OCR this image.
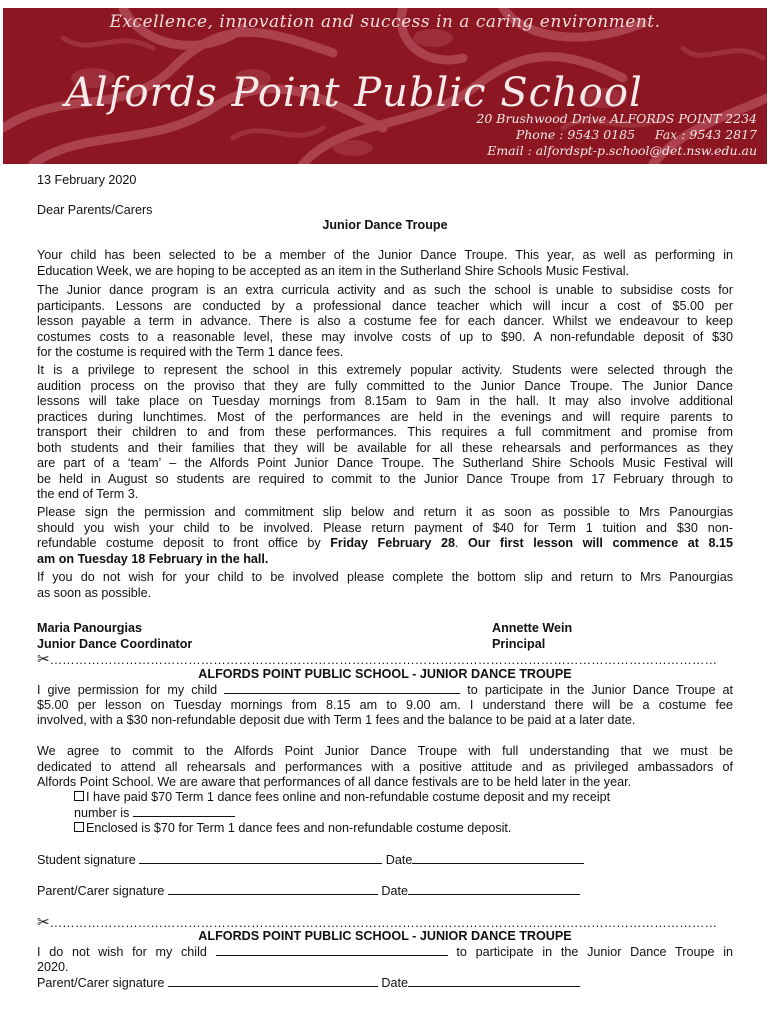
Excellence, innovation and success in a caring environment.
Alfords Point Public School
20 Brushwood Drive ALFORDS POINT 2234
Phone : 9543 0185 Fax : 9543 2817
Email : alfordspt-p.school@det.nsw.edu.au
13 February 2020
Dear Parents/Carers
Junior Dance Troupe
Your child has been selected to be a member of the Junior Dance Troupe. This year, as well as performing in
Education Week, we are hoping to be accepted as an item in the Sutherland Shire Schools Music Festival.
The Junior dance program is an extra curricula activity and as such the school is unable to subsidise costs for
participants. Lessons are conducted by a professional dance teacher which will incur a cost of $5.00 per
lesson payable a term in advance. There is also a costume fee for each dancer. Whilst we endeavour to keep
costumes costs to a reasonable level, these may involve costs of up to $90. A non-refundable deposit of $30
for the costume is required with the Term 1 dance fees.
It is a privilege to represent the school in this extremely popular activity. Students were selected through the
audition process on the proviso that they are fully committed to the Junior Dance Troupe. The Junior Dance
lessons will take place on Tuesday mornings from 8.15am to 9am in the hall. It may also involve additional
practices during lunchtimes. Most of the performances are held in the evenings and will require parents to
transport their children to and from these performances. This requires a full commitment and promise from
both students and their families that they will be available for all these rehearsals and performances as they
are part of a ‘team’ – the Alfords Point Junior Dance Troupe. The Sutherland Shire Schools Music Festival will
be held in August so students are required to commit to the Junior Dance Troupe from 17 February through to
the end of Term 3.
Please sign the permission and commitment slip below and return it as soon as possible to Mrs Panourgias
should you wish your child to be involved. Please return payment of $40 for Term 1 tuition and $30 non-
refundable costume deposit to front office by Friday February 28. Our first lesson will commence at 8.15
am on Tuesday 18 February in the hall.
If you do not wish for your child to be involved please complete the bottom slip and return to Mrs Panourgias
as soon as possible.
Maria Panourgias
Junior Dance Coordinator
Annette Wein
Principal
✂……………………………………………………………………………………………………………………………………………
ALFORDS POINT PUBLIC SCHOOL - JUNIOR DANCE TROUPE
I give permission for my child	to participate in the Junior Dance Troupe at
$5.00 per lesson on Tuesday mornings from 8.15 am to 9.00 am. I understand there will be a costume fee
involved, with a $30 non-refundable deposit due with Term 1 fees and the balance to be paid at a later date.
We agree to commit to the Alfords Point Junior Dance Troupe with full understanding that we must be
dedicated to attend all rehearsals and performances with a positive attitude and as privileged ambassadors of
Alfords Point School. We are aware that performances of all dance festivals are to be held later in the year.
I have paid $70 Term 1 dance fees online and non-refundable costume deposit and my receipt
number is
Enclosed is $70 for Term 1 dance fees and non-refundable costume deposit.
Student signature	Date
Parent/Carer signature	Date
✂……………………………………………………………………………………………………………………………………………
ALFORDS POINT PUBLIC SCHOOL - JUNIOR DANCE TROUPE
I do not wish for my child	to participate in the Junior Dance Troupe in
2020.
Parent/Carer signature	Date
